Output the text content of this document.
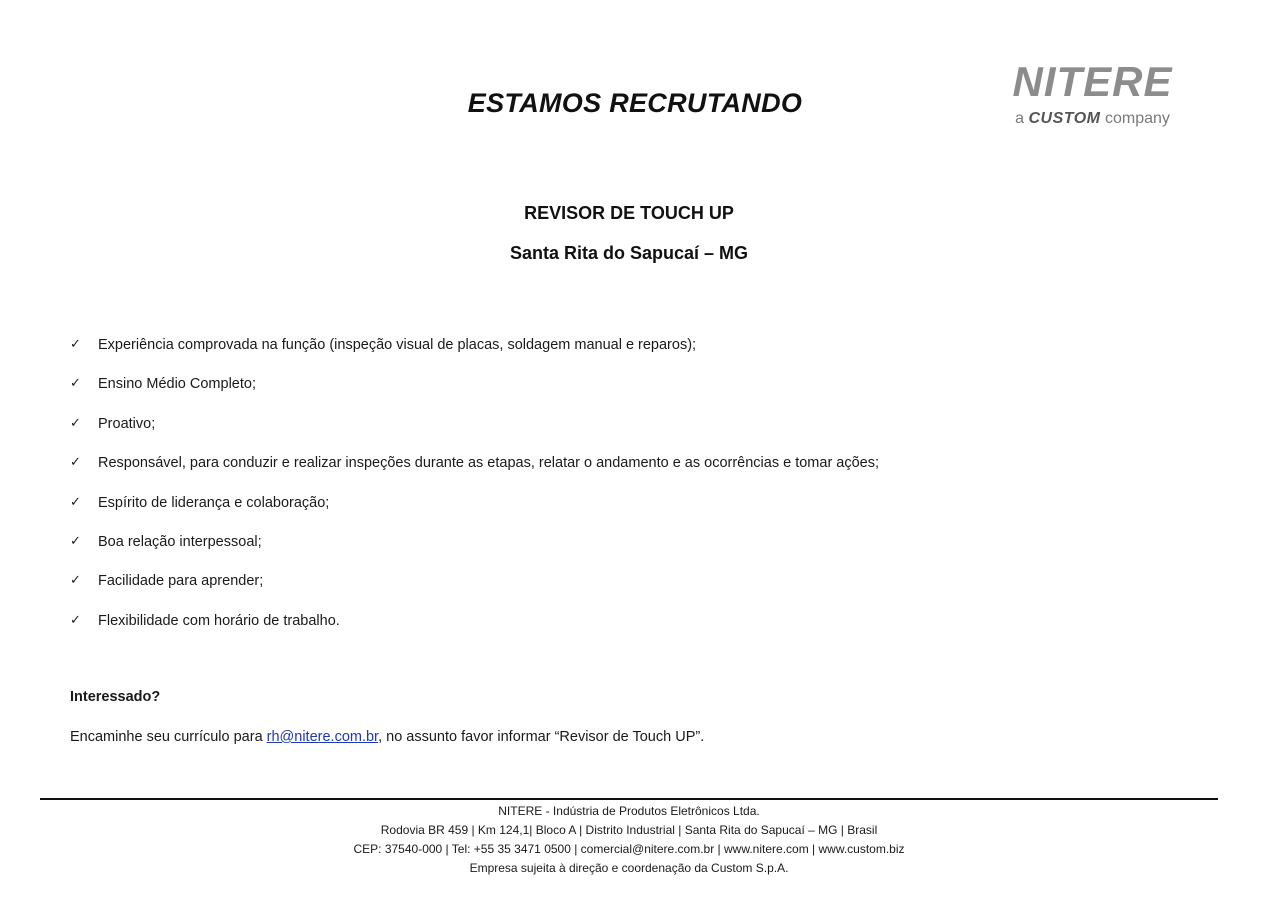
ESTAMOS RECRUTANDO	NITERE
a CUSTOM company
REVISOR DE TOUCH UP
Santa Rita do Sapucaí – MG
✓	Experiência comprovada na função (inspeção visual de placas, soldagem manual e reparos);
✓	Ensino Médio Completo;
✓	Proativo;
✓	Responsável, para conduzir e realizar inspeções durante as etapas, relatar o andamento e as ocorrências e tomar ações;
✓	Espírito de liderança e colaboração;
✓	Boa relação interpessoal;
✓	Facilidade para aprender;
✓	Flexibilidade com horário de trabalho.

Interessado?

Encaminhe seu currículo para rh@nitere.com.br, no assunto favor informar “Revisor de Touch UP”.

NITERE - Indústria de Produtos Eletrônicos Ltda.
Rodovia BR 459 | Km 124,1| Bloco A | Distrito Industrial | Santa Rita do Sapucaí – MG | Brasil
CEP: 37540-000 | Tel: +55 35 3471 0500 | comercial@nitere.com.br | www.nitere.com | www.custom.biz
Empresa sujeita à direção e coordenação da Custom S.p.A.
